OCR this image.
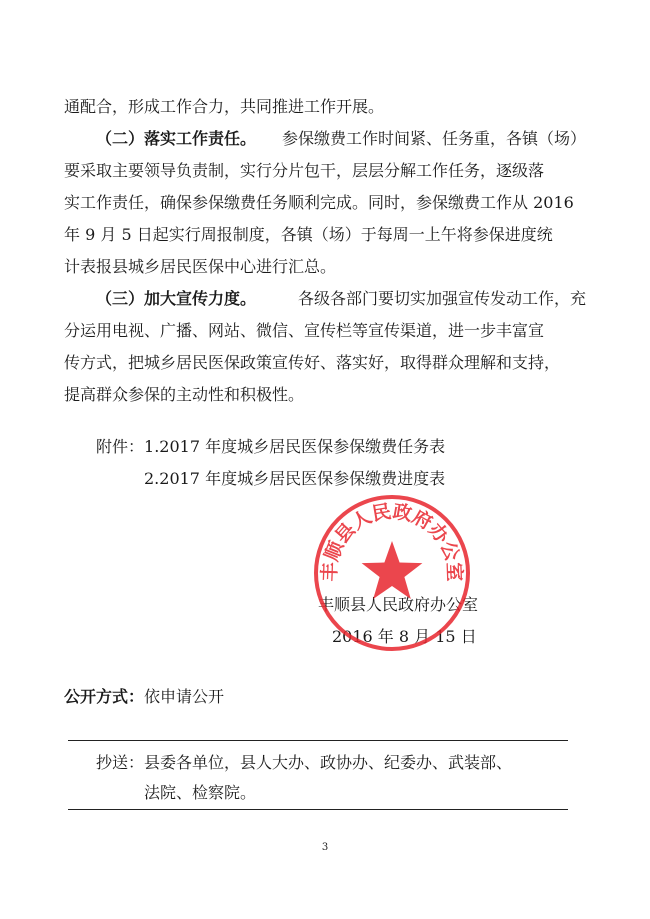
通配合，形成工作合力，共同推进工作开展。
（二）落实工作责任。 参保缴费工作时间紧、任务重，各镇（场）
要采取主要领导负责制，实行分片包干，层层分解工作任务，逐级落
实工作责任，确保参保缴费任务顺利完成。同时，参保缴费工作从 2016
年 9 月 5 日起实行周报制度，各镇（场）于每周一上午将参保进度统
计表报县城乡居民医保中心进行汇总。
（三）加大宣传力度。	各级各部门要切实加强宣传发动工作，充
分运用电视、广播、网站、微信、宣传栏等宣传渠道，进一步丰富宣
传方式，把城乡居民医保政策宣传好、落实好，取得群众理解和支持，
提高群众参保的主动性和积极性。
附件：1.2017 年度城乡居民医保参保缴费任务表
2.2017 年度城乡居民医保参保缴费进度表
丰顺县人民政府办公室
2016 年 8 月 15 日
丰顺县人民政府办公室
公开方式：依申请公开
抄送：县委各单位，县人大办、政协办、纪委办、武装部、
法院、检察院。
3
